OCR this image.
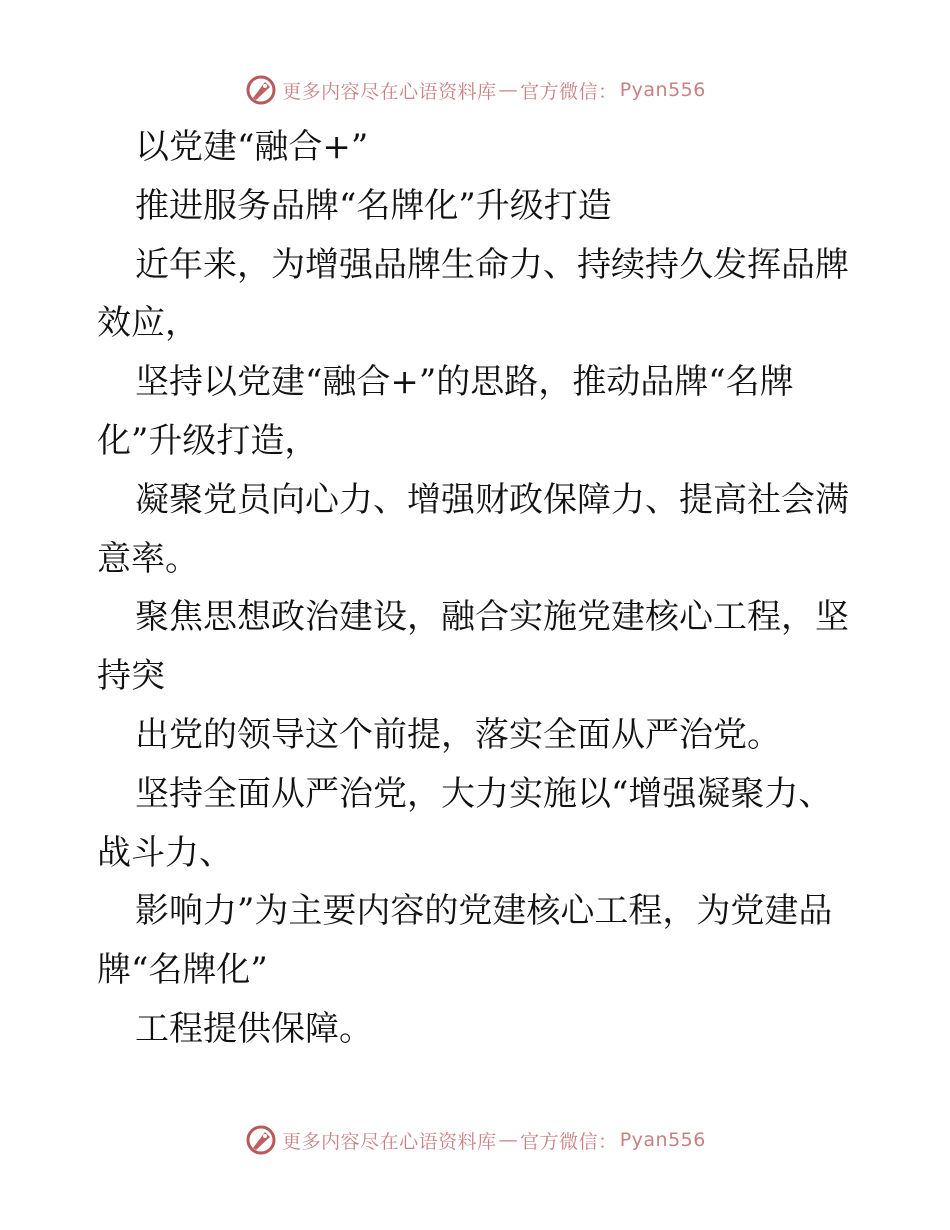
更多内容尽在心语资料库 — 官方微信： Pyan556
以党建“融合+”
推进服务品牌“名牌化”升级打造
近年来，为增强品牌生命力、持续持久发挥品牌
效应，
坚持以党建“融合+”的思路，推动品牌“名牌
化”升级打造，
凝聚党员向心力、增强财政保障力、提高社会满
意率。
聚焦思想政治建设，融合实施党建核心工程，坚
持突
出党的领导这个前提，落实全面从严治党。
坚持全面从严治党，大力实施以“增强凝聚力、
战斗力、
影响力”为主要内容的党建核心工程，为党建品
牌“名牌化”
工程提供保障。
更多内容尽在心语资料库 — 官方微信： Pyan556
